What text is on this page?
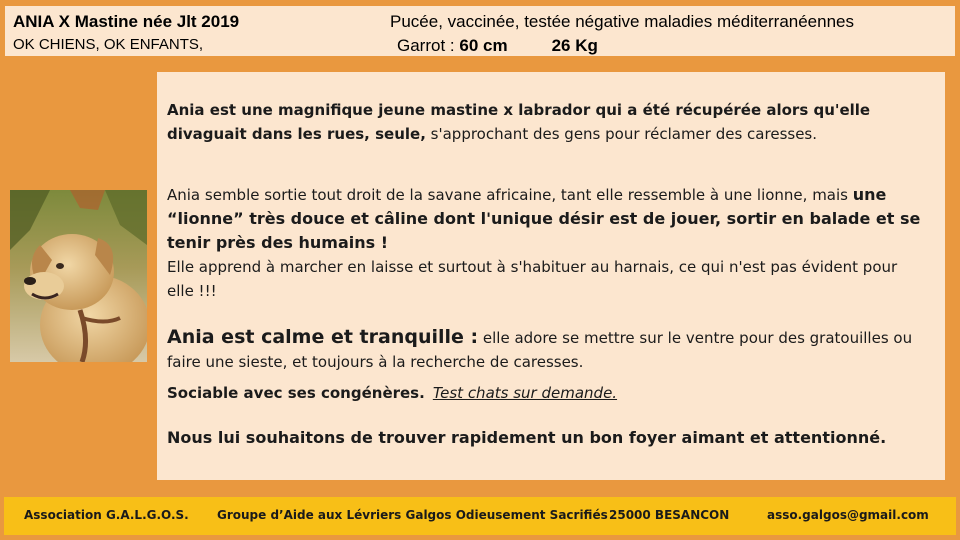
ANIA X Mastine née Jlt 2019
OK CHIENS, OK ENFANTS,
Pucée, vaccinée, testée négative maladies méditerranéennes
Garrot : 60 cm	26 Kg

Ania est une magnifique jeune mastine x labrador qui a été récupérée alors qu'elle divaguait dans les rues, seule, s'approchant des gens pour réclamer des caresses.

Ania semble sortie tout droit de la savane africaine, tant elle ressemble à une lionne, mais une “lionne” très douce et câline dont l'unique désir est de jouer, sortir en balade et se tenir près des humains !
Elle apprend à marcher en laisse et surtout à s'habituer au harnais, ce qui n'est pas évident pour elle !!!

Ania est calme et tranquille : elle adore se mettre sur le ventre pour des gratouilles ou faire une sieste, et toujours à la recherche de caresses.

Sociable avec ses congénères. Test chats sur demande.

Nous lui souhaitons de trouver rapidement un bon foyer aimant et attentionné.

Association G.A.L.G.O.S. Groupe d’Aide aux Lévriers Galgos Odieusement Sacrifiés 25000 BESANCON	asso.galgos@gmail.com
